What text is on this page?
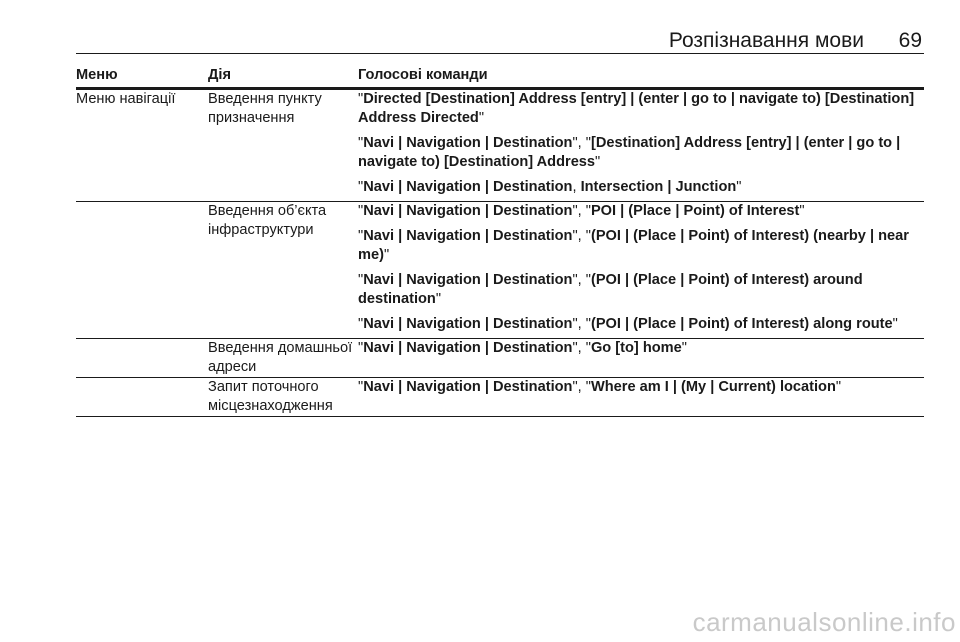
Розпізнавання мови 69
Меню	Дія	Голосові команди
Меню навігації	Введення пункту призначення	"Directed [Destination] Address [entry] | (enter | go to | navigate to) [Destination] Address Directed"
"Navi | Navigation | Destination", "[Destination] Address [entry] | (enter | go to | navigate to) [Destination] Address"
"Navi | Navigation | Destination, Intersection | Junction"

	Введення об’єкта інфраструктури	"Navi | Navigation | Destination", "POI | (Place | Point) of Interest"
"Navi | Navigation | Destination", "(POI | (Place | Point) of Interest) (nearby | near me)"
"Navi | Navigation | Destination", "(POI | (Place | Point) of Interest) around destination"
"Navi | Navigation | Destination", "(POI | (Place | Point) of Interest) along route"

	Введення домашньої адреси	"Navi | Navigation | Destination", "Go [to] home"

	Запит поточного місцезнаходження	"Navi | Navigation | Destination", "Where am I | (My | Current) location"
carmanualsonline.info
